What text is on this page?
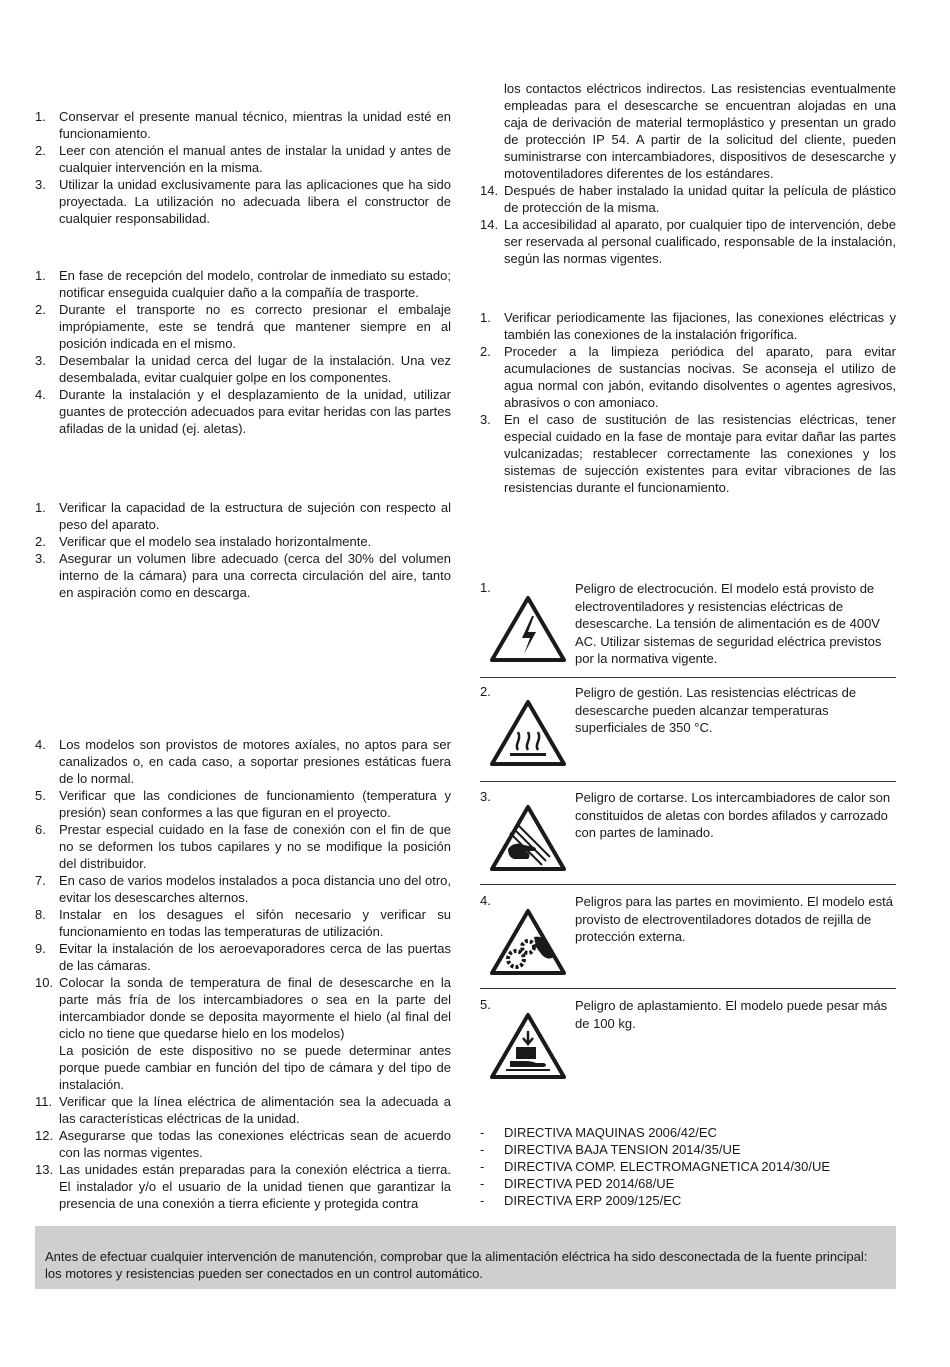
1.	Conservar el presente manual técnico, mientras la unidad esté en funcionamiento.
2.	Leer con atención el manual antes de instalar la unidad y antes de cualquier intervención en la misma.
3.	Utilizar la unidad exclusivamente para las aplicaciones que ha sido proyectada. La utilización no adecuada libera el constructor de cualquier responsabilidad.
1.	En fase de recepción del modelo, controlar de inmediato su estado; notificar enseguida cualquier daño a la compañía de trasporte.
2.	Durante el transporte no es correcto presionar el embalaje imprópiamente, este se tendrá que mantener siempre en al posición indicada en el mismo.
3.	Desembalar la unidad cerca del lugar de la instalación. Una vez desembalada, evitar cualquier golpe en los componentes.
4.	Durante la instalación y el desplazamiento de la unidad, utilizar guantes de protección adecuados para evitar heridas con las partes afiladas de la unidad (ej. aletas).
1.	Verificar la capacidad de la estructura de sujeción con respecto al peso del aparato.
2.	Verificar que el modelo sea instalado horizontalmente.
3.	Asegurar un volumen libre adecuado (cerca del 30% del volumen interno de la cámara) para una correcta circulación del aire, tanto en aspiración como en descarga.
4.	Los modelos son provistos de motores axíales, no aptos para ser canalizados o, en cada caso, a soportar presiones estáticas fuera de lo normal.
5.	Verificar que las condiciones de funcionamiento (temperatura y presión) sean conformes a las que figuran en el proyecto.
6.	Prestar especial cuidado en la fase de conexión con el fin de que no se deformen los tubos capilares y no se modifique la posición del distribuidor.
7.	En caso de varios modelos instalados a poca distancia uno del otro, evitar los desescarches alternos.
8.	Instalar en los desagues el sifón necesario y verificar su funcionamiento en todas las temperaturas de utilización.
9.	Evitar la instalación de los aeroevaporadores cerca de las puertas de las cámaras.
10. Colocar la sonda de temperatura de final de desescarche en la parte más fría de los intercambiadores o sea en la parte del intercambiador donde se deposita mayormente el hielo (al final del ciclo no tiene que quedarse hielo en los modelos)
La posición de este dispositivo no se puede determinar antes porque puede cambiar en función del tipo de cámara y del tipo de instalación.
11. Verificar que la línea eléctrica de alimentación sea la adecuada a las características eléctricas de la unidad.
12. Asegurarse que todas las conexiones eléctricas sean de acuerdo con las normas vigentes.
13. Las unidades están preparadas para la conexión eléctrica a tierra. El instalador y/o el usuario de la unidad tienen que garantizar la presencia de una conexión a tierra eficiente y protegida contra

los contactos eléctricos indirectos. Las resistencias eventualmente empleadas para el desescarche se encuentran alojadas en una caja de derivación de material termoplástico y presentan un grado de protección IP 54. A partir de la solicitud del cliente, pueden suministrarse con intercambiadores, dispositivos de desescarche y motoventiladores diferentes de los estándares.

14. Después de haber instalado la unidad quitar la película de plástico de protección de la misma.
14. La accesibilidad al aparato, por cualquier tipo de intervención, debe ser reservada al personal cualificado, responsable de la instalación, según las normas vigentes.
1.	Verificar periodicamente las fijaciones, las conexiones eléctricas y también las conexiones de la instalación frigorífica.
2.	Proceder a la limpieza periódica del aparato, para evitar acumulaciones de sustancias nocivas. Se aconseja el utilizo de agua normal con jabón, evitando disolventes o agentes agresivos, abrasivos o con amoniaco.
3.	En el caso de sustitución de las resistencias eléctricas, tener especial cuidado en la fase de montaje para evitar dañar las partes vulcanizadas; restablecer correctamente las conexiones y los sistemas de sujección existentes para evitar vibraciones de las resistencias durante el funcionamiento.
1.	Peligro de electrocución. El modelo está provisto de electroventiladores y resistencias eléctricas de desescarche. La tensión de alimentación es de 400V AC. Utilizar sistemas de seguridad eléctrica previstos por la normativa vigente.
2.	Peligro de gestión. Las resistencias eléctricas de desescarche pueden alcanzar temperaturas superficiales de 350 °C.
3.	Peligro de cortarse. Los intercambiadores de calor son constituidos de aletas con bordes afilados y carrozado con partes de laminado.
4.	Peligros para las partes en movimiento. El modelo está provisto de electroventiladores dotados de rejilla de protección externa.
5.	Peligro de aplastamiento. El modelo puede pesar más de 100 kg.
- DIRECTIVA MAQUINAS 2006/42/EC
- DIRECTIVA BAJA TENSION 2014/35/UE
- DIRECTIVA COMP. ELECTROMAGNETICA 2014/30/UE
- DIRECTIVA PED 2014/68/UE
- DIRECTIVA ERP 2009/125/EC

Antes de efectuar cualquier intervención de manutención, comprobar que la alimentación eléctrica ha sido desconectada de la fuente principal: los motores y resistencias pueden ser conectados en un control automático.
